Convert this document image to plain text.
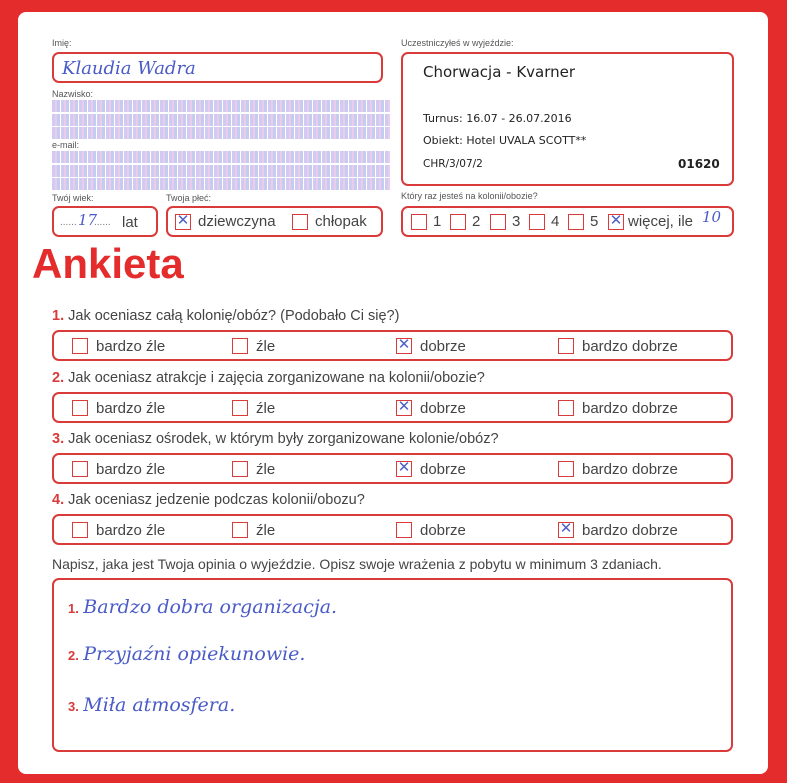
Imię:
Klaudia Wadra
Nazwisko:
e-mail:
Uczestniczyłeś w wyjeździe:
Chorwacja - Kvarner
Turnus: 16.07 - 26.07.2016
Obiekt: Hotel UVALA SCOTT**
CHR/3/07/2	01620
Twój wiek:
...... 17
...... lat
Twoja płeć:
✕ dziewczyna	chłopak
Który raz jesteś na kolonii/obozie?
1 2 3 4 5 ✕ więcej, ile 10
Ankieta
1. Jak oceniasz całą kolonię/obóz? (Podobało Ci się?)
bardzo źle	źle	✕ dobrze	bardzo dobrze
2. Jak oceniasz atrakcje i zajęcia zorganizowane na kolonii/obozie?
bardzo źle	źle	✕ dobrze	bardzo dobrze
3. Jak oceniasz ośrodek, w którym były zorganizowane kolonie/obóz?
bardzo źle	źle	✕ dobrze	bardzo dobrze
4. Jak oceniasz jedzenie podczas kolonii/obozu?
bardzo źle	źle	dobrze	✕ bardzo dobrze
Napisz, jaka jest Twoja opinia o wyjeździe. Opisz swoje wrażenia z pobytu w minimum 3 zdaniach.
1. Bardzo dobra organizacja.
2. Przyjaźni opiekunowie.
3. Miła atmosfera.
